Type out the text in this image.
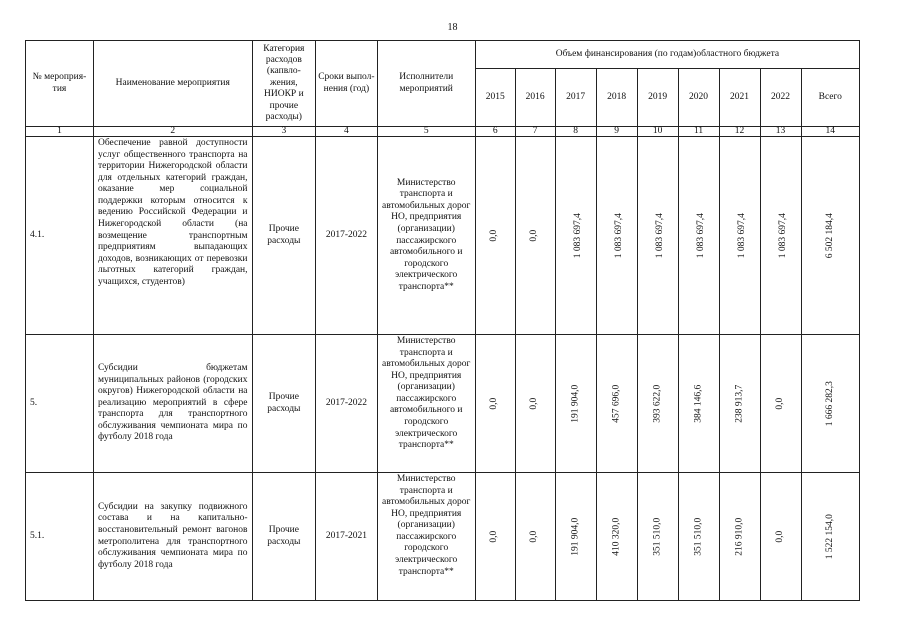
18
№ мероприя-тия	Наименование мероприятия	Категория расходов (капвло-жения, НИОКР и прочие расходы)	Сроки выпол-нения (год)	Исполнители мероприятий	Объем финансирования (по годам)областного бюджета								
					2015	2016	2017	2018	2019	2020	2021	2022	Всего
1	2	3	4	5	6	7	8	9	10	11	12	13	14
4.1.	Обеспечение равной доступности услуг общественного транспорта на территории Нижегородской области для отдельных категорий граждан, оказание мер социальной поддержки которым относится к ведению Российской Федерации и Нижегородской области (на возмещение транспортным предприятиям выпадающих доходов, возникающих от перевозки льготных категорий граждан, учащихся, студентов)	Прочие расходы	2017-2022	Министерство транспорта и автомобильных дорог НО, предприятия (организации) пассажирского автомобильного и городского электрического транспорта**	0,0	0,0	1 083 697,4	1 083 697,4	1 083 697,4	1 083 697,4	1 083 697,4	1 083 697,4	6 502 184,4
5.	Субсидии бюджетам муниципальных районов (городских округов) Нижегородской области на реализацию мероприятий в сфере транспорта для транспортного обслуживания чемпионата мира по футболу 2018 года	Прочие расходы	2017-2022	Министерство транспорта и автомобильных дорог НО, предприятия (организации) пассажирского автомобильного и городского электрического транспорта**	0,0	0,0	191 904,0	457 696,0	393 622,0	384 146,6	238 913,7	0,0	1 666 282,3
5.1.	Субсидии на закупку подвижного состава и на капитально-восстановительный ремонт вагонов метрополитена для транспортного обслуживания чемпионата мира по футболу 2018 года	Прочие расходы	2017-2021	Министерство транспорта и автомобильных дорог НО, предприятия (организации) пассажирского городского электрического транспорта**	0,0	0,0	191 904,0	410 320,0	351 510,0	351 510,0	216 910,0	0,0	1 522 154,0
